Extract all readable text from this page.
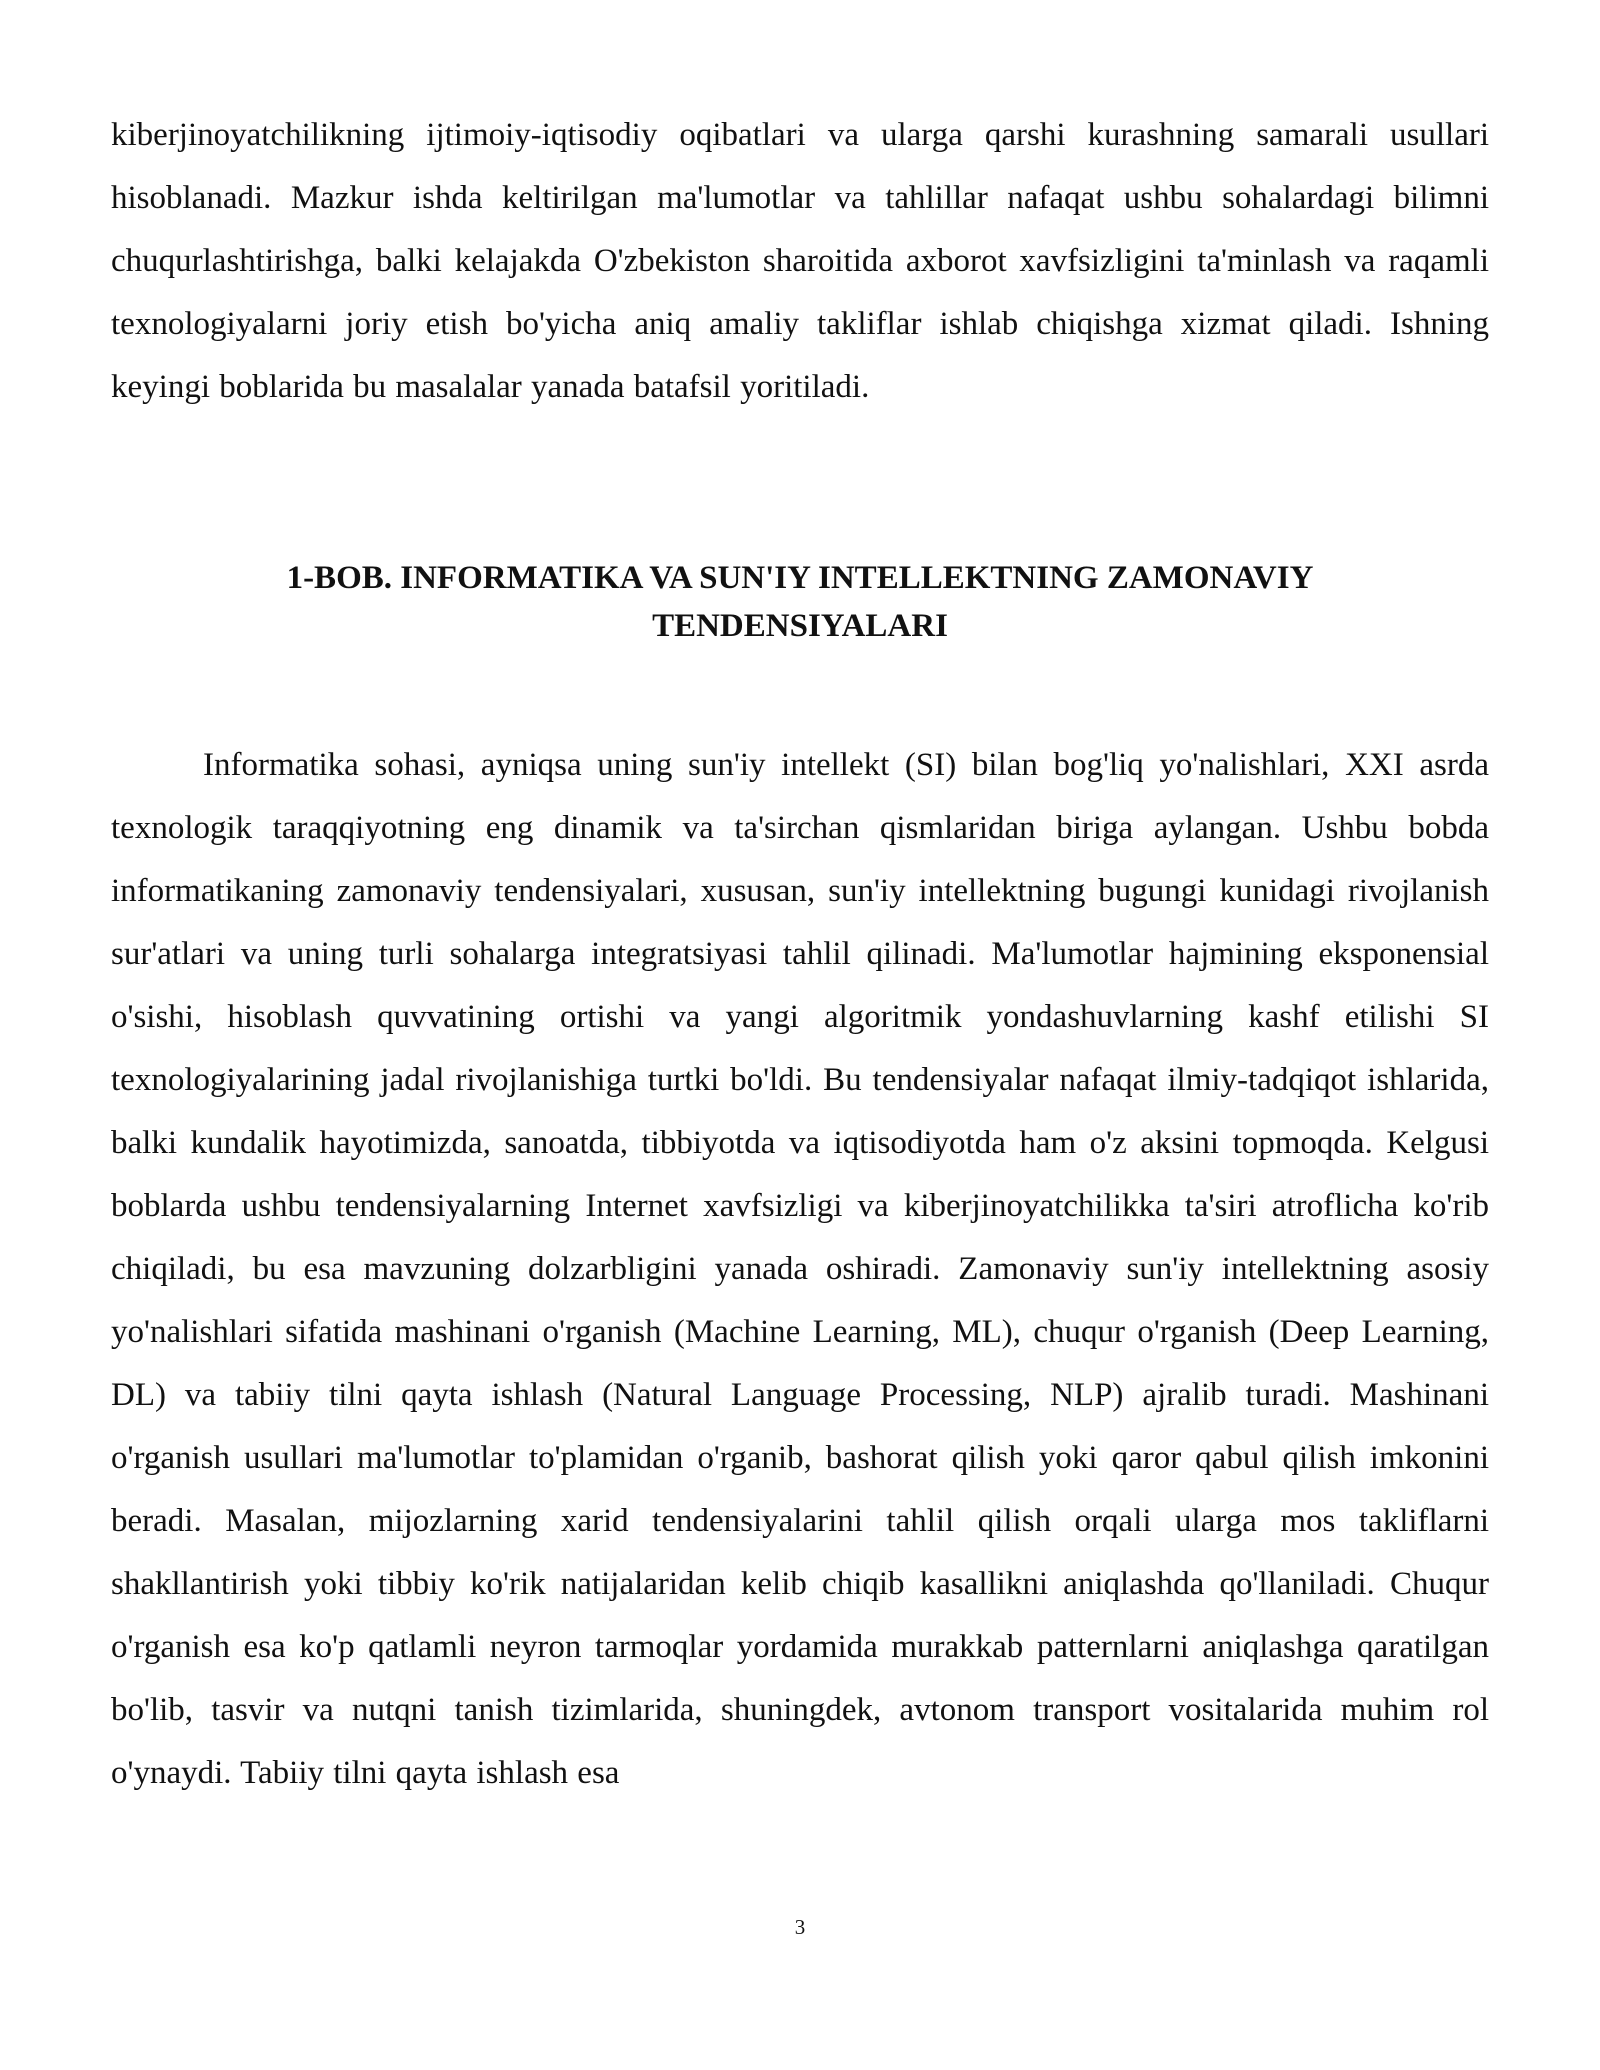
kiberjinoyatchilikning ijtimoiy-iqtisodiy oqibatlari va ularga qarshi kurashning samarali usullari hisoblanadi. Mazkur ishda keltirilgan ma'lumotlar va tahlillar nafaqat ushbu sohalardagi bilimni chuqurlashtirishga, balki kelajakda O'zbekiston sharoitida axborot xavfsizligini ta'minlash va raqamli texnologiyalarni joriy etish bo'yicha aniq amaliy takliflar ishlab chiqishga xizmat qiladi. Ishning keyingi boblarida bu masalalar yanada batafsil yoritiladi.

1-BOB. INFORMATIKA VA SUN'IY INTELLEKTNING ZAMONAVIY
TENDENSIYALARI

Informatika sohasi, ayniqsa uning sun'iy intellekt (SI) bilan bog'liq yo'nalishlari, XXI asrda texnologik taraqqiyotning eng dinamik va ta'sirchan qismlaridan biriga aylangan. Ushbu bobda informatikaning zamonaviy tendensiyalari, xususan, sun'iy intellektning bugungi kunidagi rivojlanish sur'atlari va uning turli sohalarga integratsiyasi tahlil qilinadi. Ma'lumotlar hajmining eksponensial o'sishi, hisoblash quvvatining ortishi va yangi algoritmik yondashuvlarning kashf etilishi SI texnologiyalarining jadal rivojlanishiga turtki bo'ldi. Bu tendensiyalar nafaqat ilmiy-tadqiqot ishlarida, balki kundalik hayotimizda, sanoatda, tibbiyotda va iqtisodiyotda ham o'z aksini topmoqda. Kelgusi boblarda ushbu tendensiyalarning Internet xavfsizligi va kiberjinoyatchilikka ta'siri atroflicha ko'rib chiqiladi, bu esa mavzuning dolzarbligini yanada oshiradi. Zamonaviy sun'iy intellektning asosiy yo'nalishlari sifatida mashinani o'rganish (Machine Learning, ML), chuqur o'rganish (Deep Learning, DL) va tabiiy tilni qayta ishlash (Natural Language Processing, NLP) ajralib turadi. Mashinani o'rganish usullari ma'lumotlar to'plamidan o'rganib, bashorat qilish yoki qaror qabul qilish imkonini beradi. Masalan, mijozlarning xarid tendensiyalarini tahlil qilish orqali ularga mos takliflarni shakllantirish yoki tibbiy ko'rik natijalaridan kelib chiqib kasallikni aniqlashda qo'llaniladi. Chuqur o'rganish esa ko'p qatlamli neyron tarmoqlar yordamida murakkab patternlarni aniqlashga qaratilgan bo'lib, tasvir va nutqni tanish tizimlarida, shuningdek, avtonom transport vositalarida muhim rol o'ynaydi. Tabiiy tilni qayta ishlash esa

3
